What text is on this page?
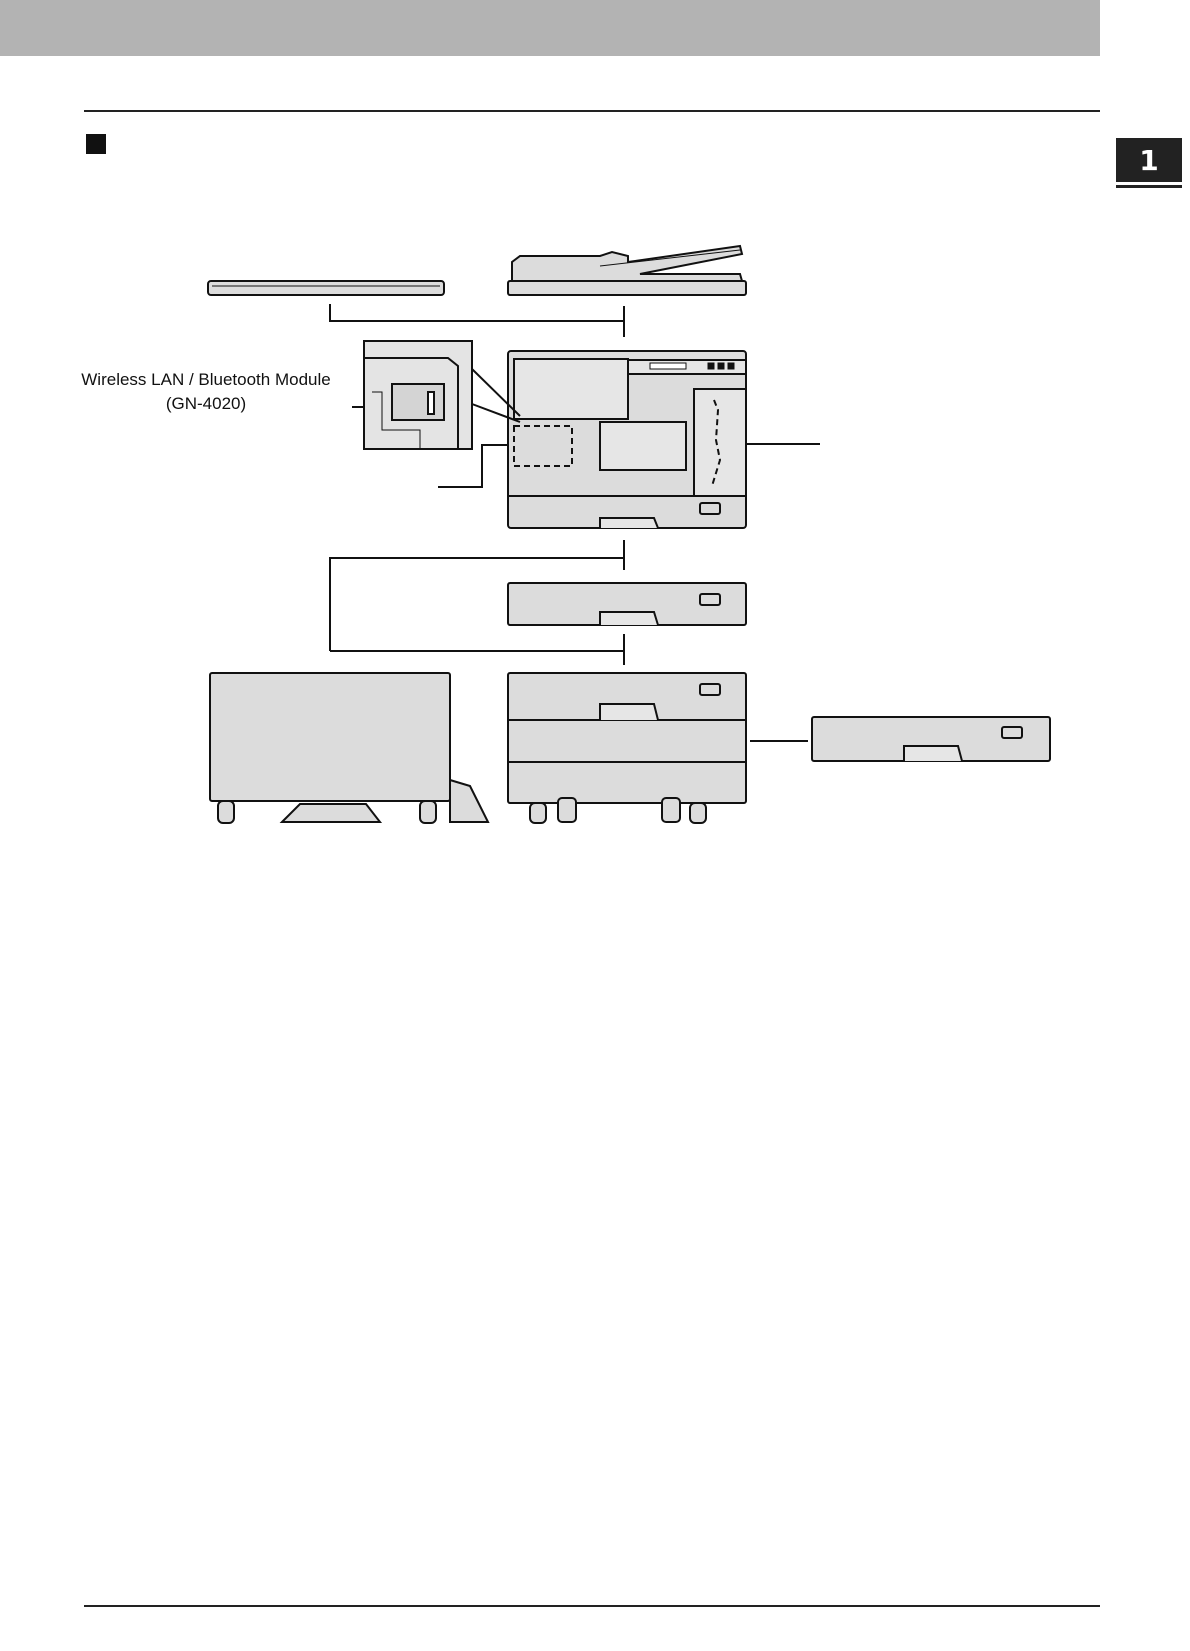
1
Wireless LAN / Bluetooth Module
(GN-4020)
